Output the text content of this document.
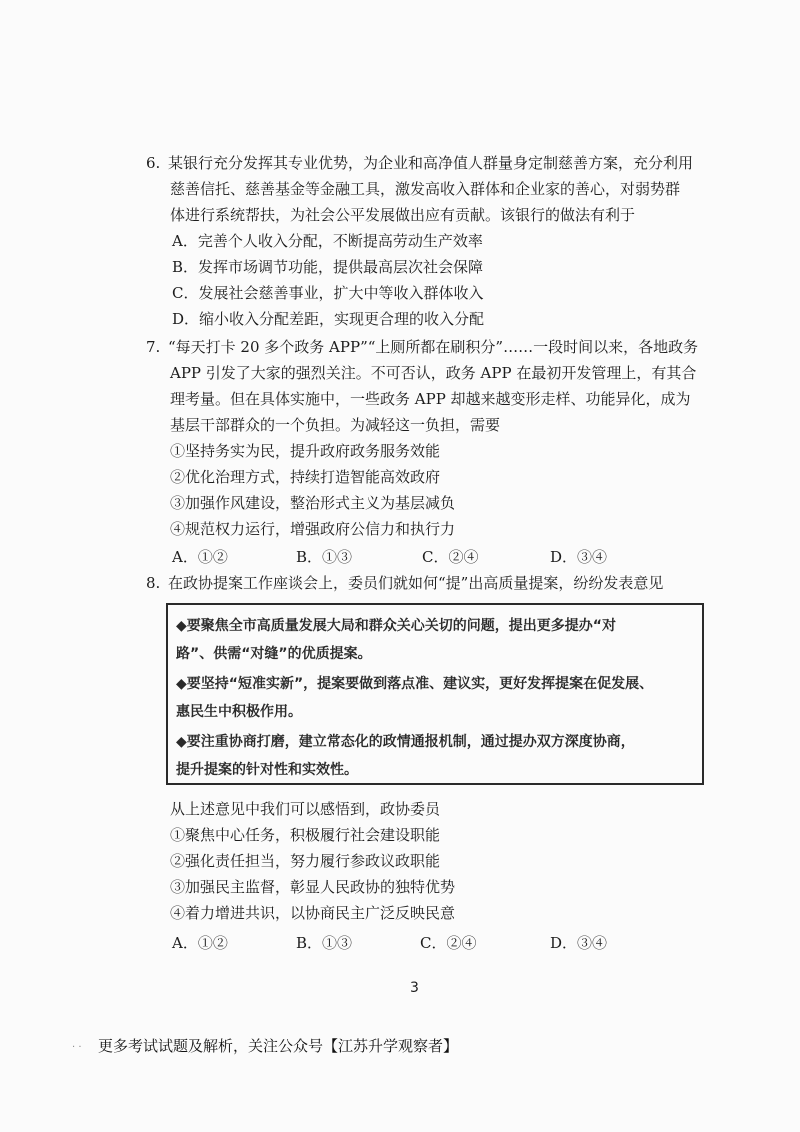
6. 某银行充分发挥其专业优势，为企业和高净值人群量身定制慈善方案，充分利用
慈善信托、慈善基金等金融工具，激发高收入群体和企业家的善心，对弱势群
体进行系统帮扶，为社会公平发展做出应有贡献。该银行的做法有利于
A．完善个人收入分配，不断提高劳动生产效率
B．发挥市场调节功能，提供最高层次社会保障
C．发展社会慈善事业，扩大中等收入群体收入
D．缩小收入分配差距，实现更合理的收入分配
7. “每天打卡 20 多个政务 APP”“上厕所都在刷积分”……一段时间以来，各地政务
APP 引发了大家的强烈关注。不可否认，政务 APP 在最初开发管理上，有其合
理考量。但在具体实施中，一些政务 APP 却越来越变形走样、功能异化，成为
基层干部群众的一个负担。为减轻这一负担，需要
①坚持务实为民，提升政府政务服务效能
②优化治理方式，持续打造智能高效政府
③加强作风建设，整治形式主义为基层减负
④规范权力运行，增强政府公信力和执行力
A．①②	B．①③	C．②④	D．③④
8. 在政协提案工作座谈会上，委员们就如何“提”出高质量提案，纷纷发表意见
◆要聚焦全市高质量发展大局和群众关心关切的问题，提出更多提办“对
路”、供需“对缝”的优质提案。
◆要坚持“短准实新”，提案要做到落点准、建议实，更好发挥提案在促发展、
惠民生中积极作用。
◆要注重协商打磨，建立常态化的政情通报机制，通过提办双方深度协商，
提升提案的针对性和实效性。
从上述意见中我们可以感悟到，政协委员
①聚焦中心任务，积极履行社会建设职能
②强化责任担当，努力履行参政议政职能
③加强民主监督，彰显人民政协的独特优势
④着力增进共识，以协商民主广泛反映民意
A．①②	B．①③	C．②④	D．③④
3
· · 更多考试试题及解析，关注公众号【江苏升学观察者】
